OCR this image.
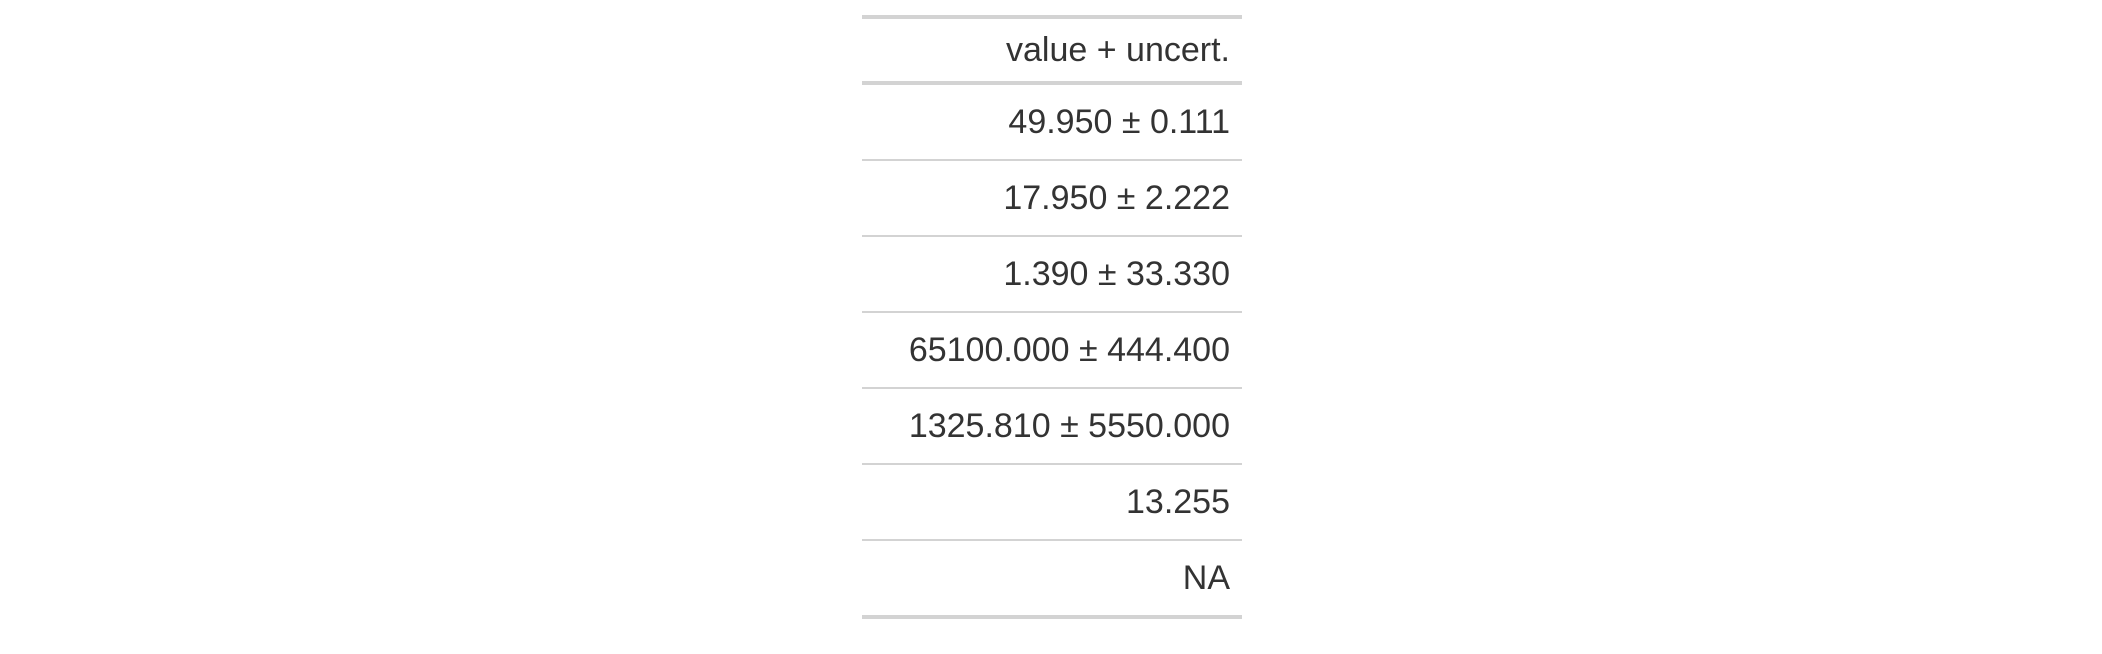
value + uncert.
49.950 ± 0.111
17.950 ± 2.222
1.390 ± 33.330
65100.000 ± 444.400
1325.810 ± 5550.000
13.255
NA
